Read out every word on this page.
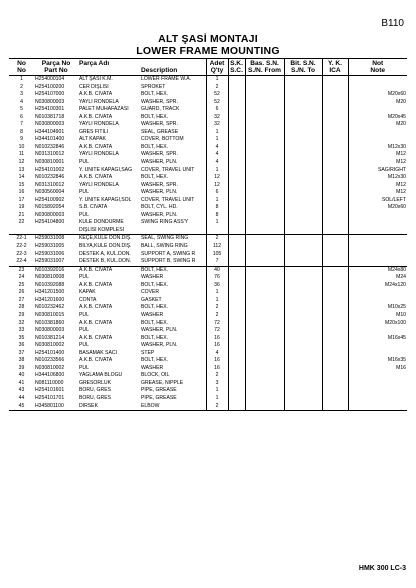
B110
ALT ŞASİ MONTAJI
LOWER FRAME MOUNTING
No	Parça No	Parça Adı		Adet	S.K.	Bas. S.N.	Bit. S.N.	Y. K.	Not
No	Part No		Description	Q'ty	S.C.	S./N. From	S./N. To	ICA	Note
1	H254000104	ALT ŞASİ K.M.	LOWER FRAME W.A.	1					
2	H254100200	CER DİŞLİSİ	SPROKET	2					
3	H254107000	A.K.B. CIVATA	BOLT, HEX.	52					M20x60
4	N030800003	YAYLI RONDELA	WASHER, SPR.	52					M20
5	H254100301	PALET MUHAFAZASI	GUARD, TRACK	6					
6	N010381718	A.K.B. CIVATA	BOLT, HEX.	32					M20x45
7	N030800003	YAYLI RONDELA	WASHER, SPR.	32					M20
8	H344104901	GRES FITILI	SEAL, GREASE	1					
9	H344101400	ALT KAPAK	COVER, BOTTOM	1					
10	N010232846	A.K.B. CIVATA	BOLT, HEX.	4					M12x30
11	N031310012	YAYLI RONDELA	WASHER, SPR.	4					M12
12	N030810001	PUL	WASHER, PLN.	4					M12
13	H254101002	Y. ÜNİTE KAPAĞI,SAĞ	COVER, TRAVEL UNIT	1					SAĞ/RIGHT
14	N010232846	A.K.B. CIVATA	BOLT, HEX.	12					M12x30
15	N031310012	YAYLI RONDELA	WASHER, SPR.	12					M12
16	N030560004	PUL	WASHER, PLN.	6					M12
17	H254100902	Y. ÜNİTE KAPAĞI,SOL	COVER, TRAVEL UNIT	1					SOL/LEFT
19	N015892054	S.B. CIVATA	BOLT, CYL. HD.	8					M20x60
21	N030800003	PUL	WASHER, PLN.	8					
22	H254104800	KULE DÖNDÜRME	SWING RING ASS'Y	1					
		DİŞLİSİ KOMPLESİ							
22-1	H259031008	KEÇE,KULE DÖN.DİŞ.	SEAL, SWING RING	2					
22-2	H259031005	BİLYA,KULE DÖN.DİŞ.	BALL, SWING RING	112					
22-3	H259031006	DESTEK A, KUL.DÖN.	SUPPORT A, SWING R	105					
22-4	H259031007	DESTEK B, KUL.DÖN.	SUPPORT B, SWING R	7					
23	N010392016	A.K.B. CIVATA	BOLT, HEX.	40					M24x80
24	N030810008	PUL	WASHER	76					M24
25	N010392088	A.K.B. CIVATA	BOLT, HEX.	36					M24x120
26	H341201500	KAPAK	COVER	1					
27	H341201600	CONTA	GASKET	1					
28	N010232462	A.K.B. CIVATA	BOLT, HEX.	2					M10x25
29	N030810015	PUL	WASHER	2					M10
32	N010381860	A.K.B. CIVATA	BOLT, HEX.	72					M20x100
33	N030800003	PUL	WASHER, PLN.	72					
35	N010381214	A.K.B. CIVATA	BOLT, HEX.	16					M16x45
36	N030810002	PUL	WASHER, PLN.	16					
37	H254101400	BASAMAK SACI	STEP	4					
38	N010233566	A.K.B. CIVATA	BOLT, HEX.	16					M16x35
39	N030810002	PUL	WASHER	16					M16
40	H344106800	YAĞLAMA BLOĞU	BLOCK, OIL	2					
41	N081110000	GRESÖRLÜK	GREASE, NIPPLE	3					
43	H254101601	BORU, GRES	PIPE, GREASE	1					
44	H254101701	BORU, GRES	PIPE, GREASE	1					
45	H345801100	DİRSEK	ELBOW	2					
HMK 300 LC-3
